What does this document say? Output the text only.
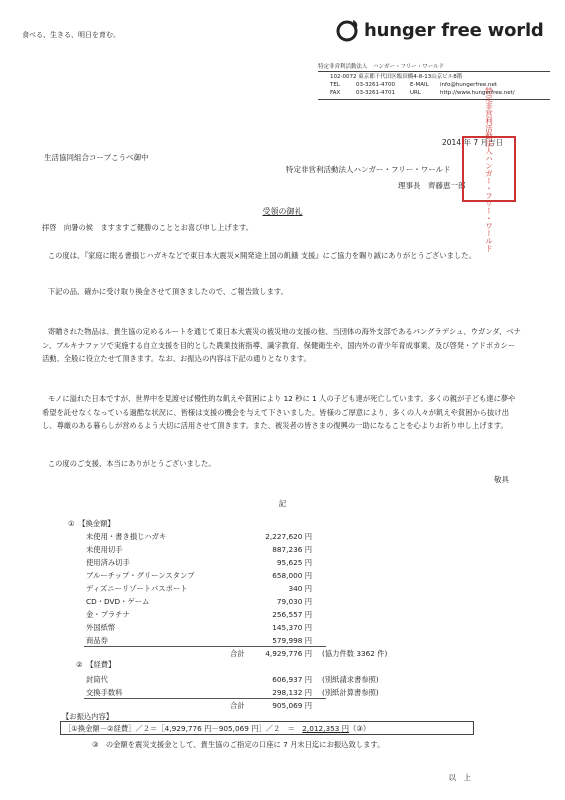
食べる、生きる、明日を育む。	hunger free world
特定非営利活動法人　ハンガー・フリー・ワールド
102-0072 東京都千代田区飯田橋4-8-13山京ビル8階
TEL	03-3261-4700	E-MAIL info@hungerfree.net
FAX	03-3261-4701	URL	http://www.hungerfree.net/
2014 年 7 月吉日
生活協同組合コープこうべ御中
特定非営利活動法人ハンガー・フリー・ワールド
理事長　齊藤恵一郎	特定非営利活動法人ハンガー・フリー・ワールド
受領の御礼
拝啓　向暑の候　ますますご健勝のこととお喜び申し上げます。
この度は、『家庭に眠る書損じハガキなどで東日本大震災×開発途上国の飢餓 支援』にご協力を賜り誠にありがとうございました。
下記の品、確かに受け取り換金させて頂きましたので、ご報告致します。
寄贈された物品は、貴生協の定めるルートを通じて東日本大震災の被災地の支援の他、当団体の海外支部であるバングラデシュ、ウガンダ、ベナン、ブルキナファソで実施する自立支援を目的とした農業技術指導、識字教育、保健衛生や、国内外の青少年育成事業、及び啓発・アドボカシー活動、全般に役立たせて頂きます。なお、お振込の内容は下記の通りとなります。
モノに溢れた日本ですが、世界中を見渡せば慢性的な飢えや貧困により 12 秒に 1 人の子ども達が死亡しています。多くの親が子ども達に夢や希望を託せなくなっている過酷な状況に、皆様は支援の機会を与えて下さいました。皆様のご厚意により、多くの人々が飢えや貧困から抜け出し、尊厳のある暮らしが営めるよう大切に活用させて頂きます。また、被災者の皆さまの復興の一助になることを心よりお祈り申し上げます。
この度のご支援、本当にありがとうございました。
敬具
記
①　【換金額】
未使用・書き損じハガキ	2,227,620 円
未使用切手	887,236 円
使用済み切手	95,625 円
ブルーチップ・グリーンスタンプ	658,000 円
ディズニーリゾートパスポート	340 円
CD・DVD・ゲーム	79,030 円
金・プラチナ	256,557 円
外国紙幣	145,370 円
商品券	579,998 円
合計	4,929,776 円 (協力件数 3362 件)
②　【経費】
封筒代	606,937 円 (別紙請求書参照)
交換手数料	298,132 円 (別紙計算書参照)
合計	905,069 円
【お振込内容】
［①換金額－②経費］／２＝［4,929,776 円－905,069 円］／２　＝　2,012,353 円（③）
③　の金額を震災支援金として、貴生協のご指定の口座に 7 月末日迄にお振込致します。
以　上
